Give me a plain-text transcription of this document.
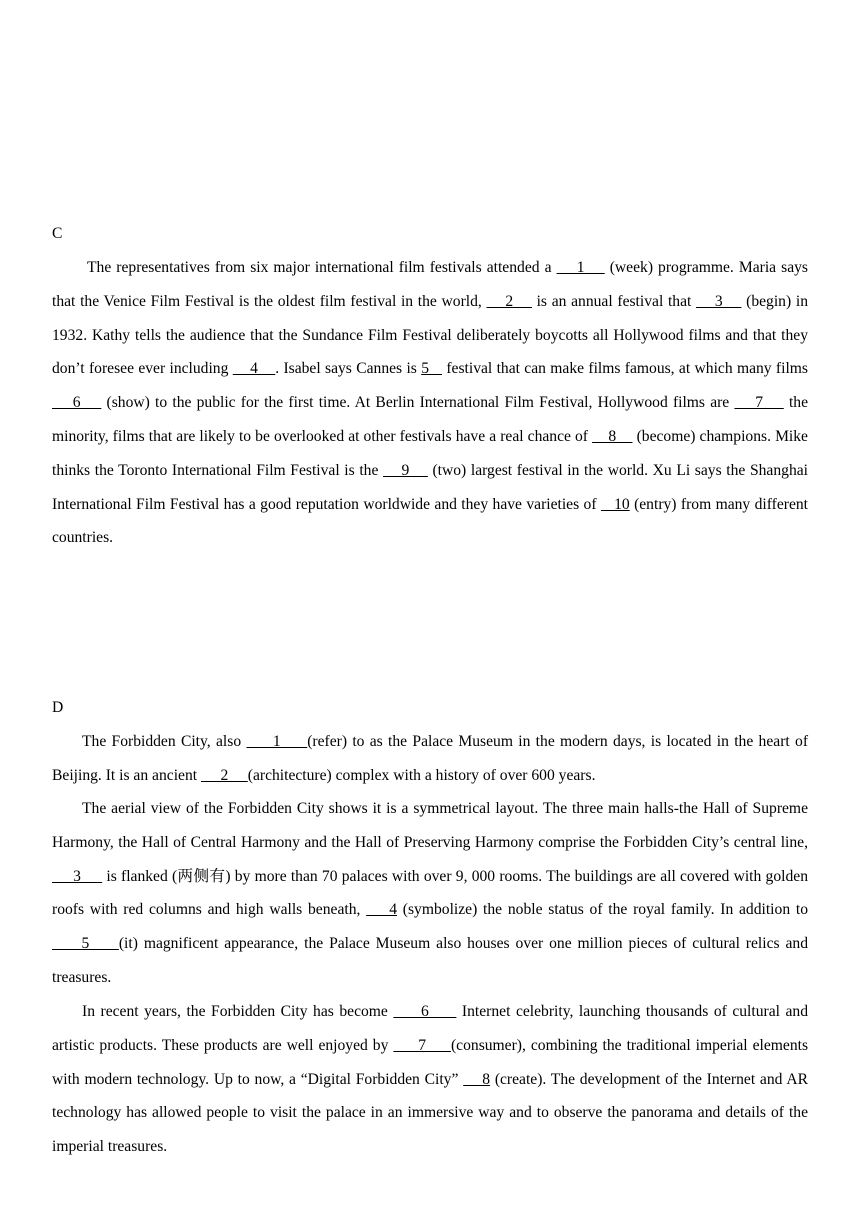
C

The representatives from six major international film festivals attended a     1     (week) programme. Maria says that the Venice Film Festival is the oldest film festival in the world,     2     is an annual festival that     3     (begin) in 1932. Kathy tells the audience that the Sundance Film Festival deliberately boycotts all Hollywood films and that they don’t foresee ever including     4    . Isabel says Cannes is 5    festival that can make films famous, at which many films     6     (show) to the public for the first time. At Berlin International Film Festival, Hollywood films are     7     the minority, films that are likely to be overlooked at other festivals have a real chance of     8     (become) champions. Mike thinks the Toronto International Film Festival is the     9     (two) largest festival in the world. Xu Li says the Shanghai International Film Festival has a good reputation worldwide and they have varieties of    10 (entry) from many different countries.

D

The Forbidden City, also      1     (refer) to as the Palace Museum in the modern days, is located in the heart of Beijing. It is an ancient      2     (architecture) complex with a history of over 600 years.

The aerial view of the Forbidden City shows it is a symmetrical layout. The three main halls-the Hall of Supreme Harmony, the Hall of Central Harmony and the Hall of Preserving Harmony comprise the Forbidden City’s central line,      3      is flanked (两侧有) by more than 70 palaces with over 9, 000 rooms. The buildings are all covered with golden roofs with red columns and high walls beneath,     4 (symbolize) the noble status of the royal family. In addition to      5     (it) magnificent appearance, the Palace Museum also houses over one million pieces of cultural relics and treasures.

In recent years, the Forbidden City has become      6      Internet celebrity, launching thousands of cultural and artistic products. These products are well enjoyed by      7     (consumer), combining the traditional imperial elements with modern technology. Up to now, a “Digital Forbidden City”     8 (create). The development of the Internet and AR technology has allowed people to visit the palace in an immersive way and to observe the panorama and details of the imperial treasures.
